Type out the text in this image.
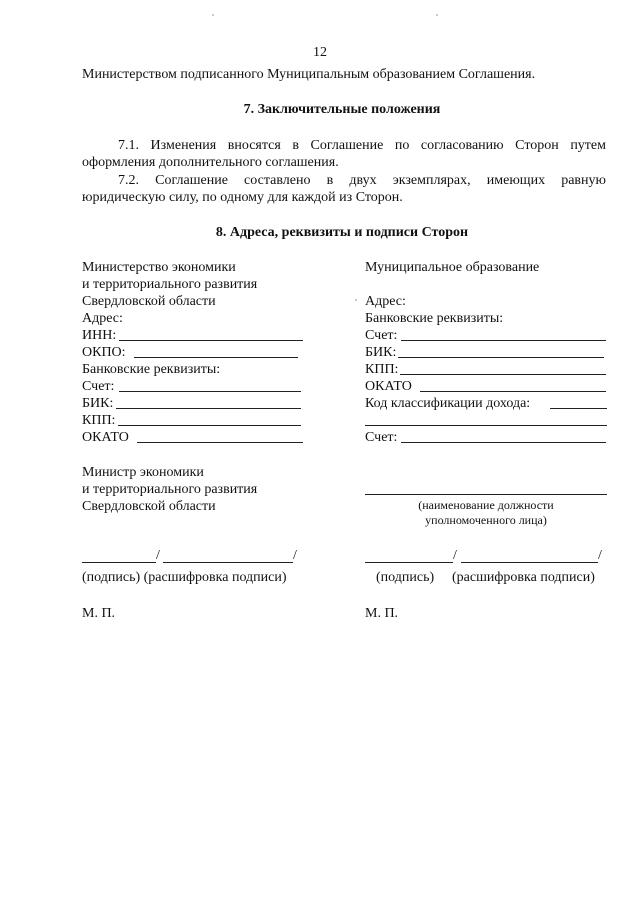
12
Министерством подписанного Муниципальным образованием Соглашения.
7. Заключительные положения
7.1. Изменения вносятся в Соглашение по согласованию Сторон путем
оформления дополнительного соглашения.
7.2. Соглашение составлено в двух экземплярах, имеющих равную
юридическую силу, по одному для каждой из Сторон.
8. Адреса, реквизиты и подписи Сторон
Министерство экономики
и территориального развития
Свердловской области
Адрес:
ИНН:
ОКПО:
Банковские реквизиты:
Счет:
БИК:
КПП:
ОКАТО
Министр экономики
и территориального развития
Свердловской области
/	/
(подпись) (расшифровка подписи)
М. П.
Муниципальное образование
Адрес:
Банковские реквизиты:
Счет:
БИК:
КПП:
ОКАТО
Код классификации дохода:
Счет:
(наименование должности
уполномоченного лица)
/	/
(подпись) (расшифровка подписи)
М. П.
